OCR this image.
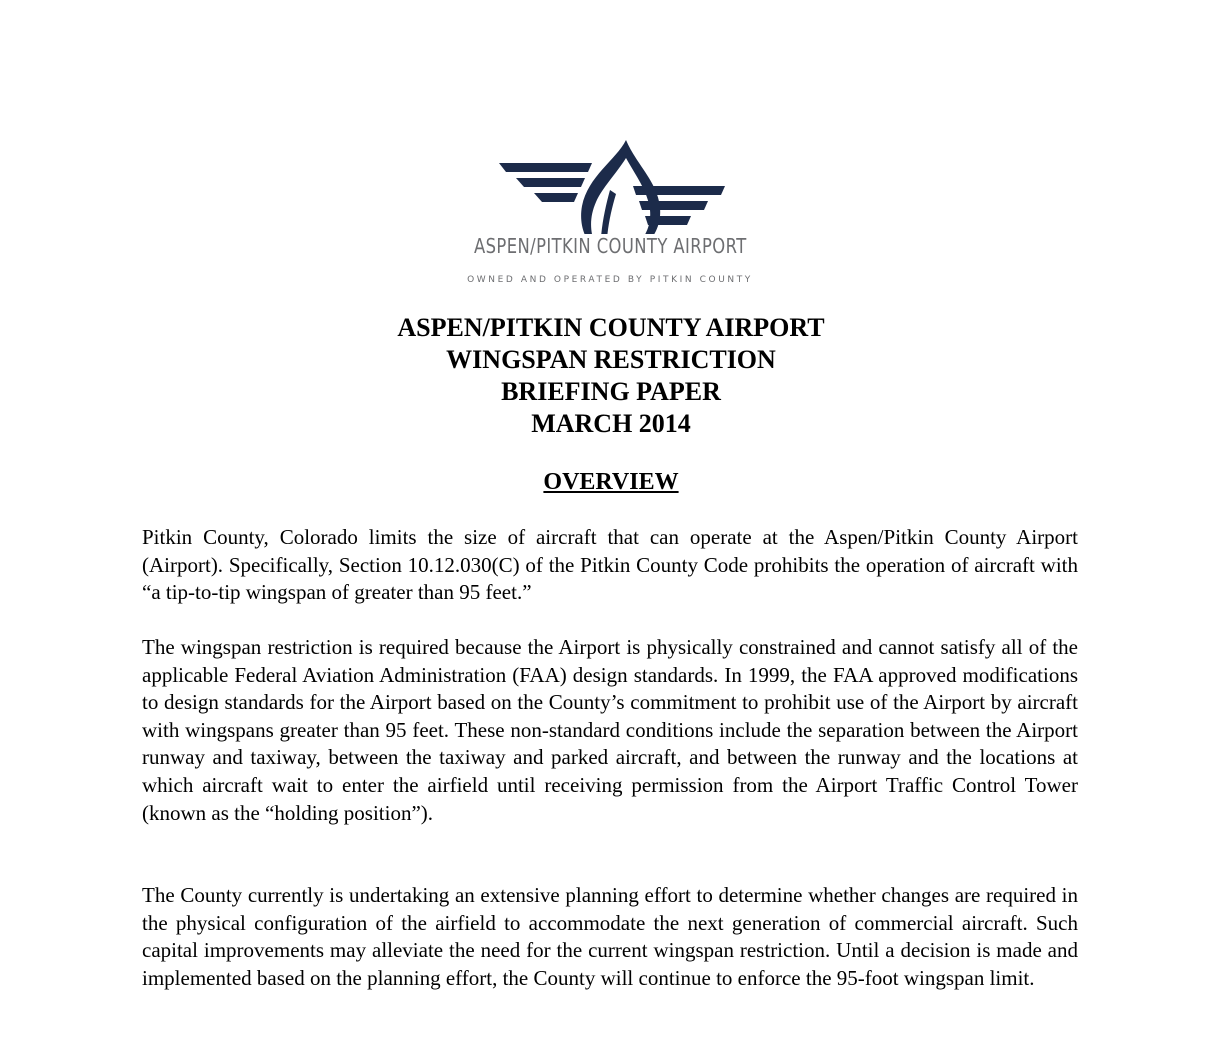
ASPEN/PITKIN COUNTY AIRPORT
OWNED AND OPERATED BY PITKIN COUNTY
ASPEN/PITKIN COUNTY AIRPORT
WINGSPAN RESTRICTION
BRIEFING PAPER
MARCH 2014
OVERVIEW

Pitkin County, Colorado limits the size of aircraft that can operate at the Aspen/Pitkin County Airport (Airport). Specifically, Section 10.12.030(C) of the Pitkin County Code prohibits the operation of aircraft with “a tip-to-tip wingspan of greater than 95 feet.”

The wingspan restriction is required because the Airport is physically constrained and cannot satisfy all of the applicable Federal Aviation Administration (FAA) design standards. In 1999, the FAA approved modifications to design standards for the Airport based on the County’s commitment to prohibit use of the Airport by aircraft with wingspans greater than 95 feet. These non-standard conditions include the separation between the Airport runway and taxiway, between the taxiway and parked aircraft, and between the runway and the locations at which aircraft wait to enter the airfield until receiving permission from the Airport Traffic Control Tower (known as the “holding position”).

The County currently is undertaking an extensive planning effort to determine whether changes are required in the physical configuration of the airfield to accommodate the next generation of commercial aircraft. Such capital improvements may alleviate the need for the current wingspan restriction. Until a decision is made and implemented based on the planning effort, the County will continue to enforce the 95-foot wingspan limit.
